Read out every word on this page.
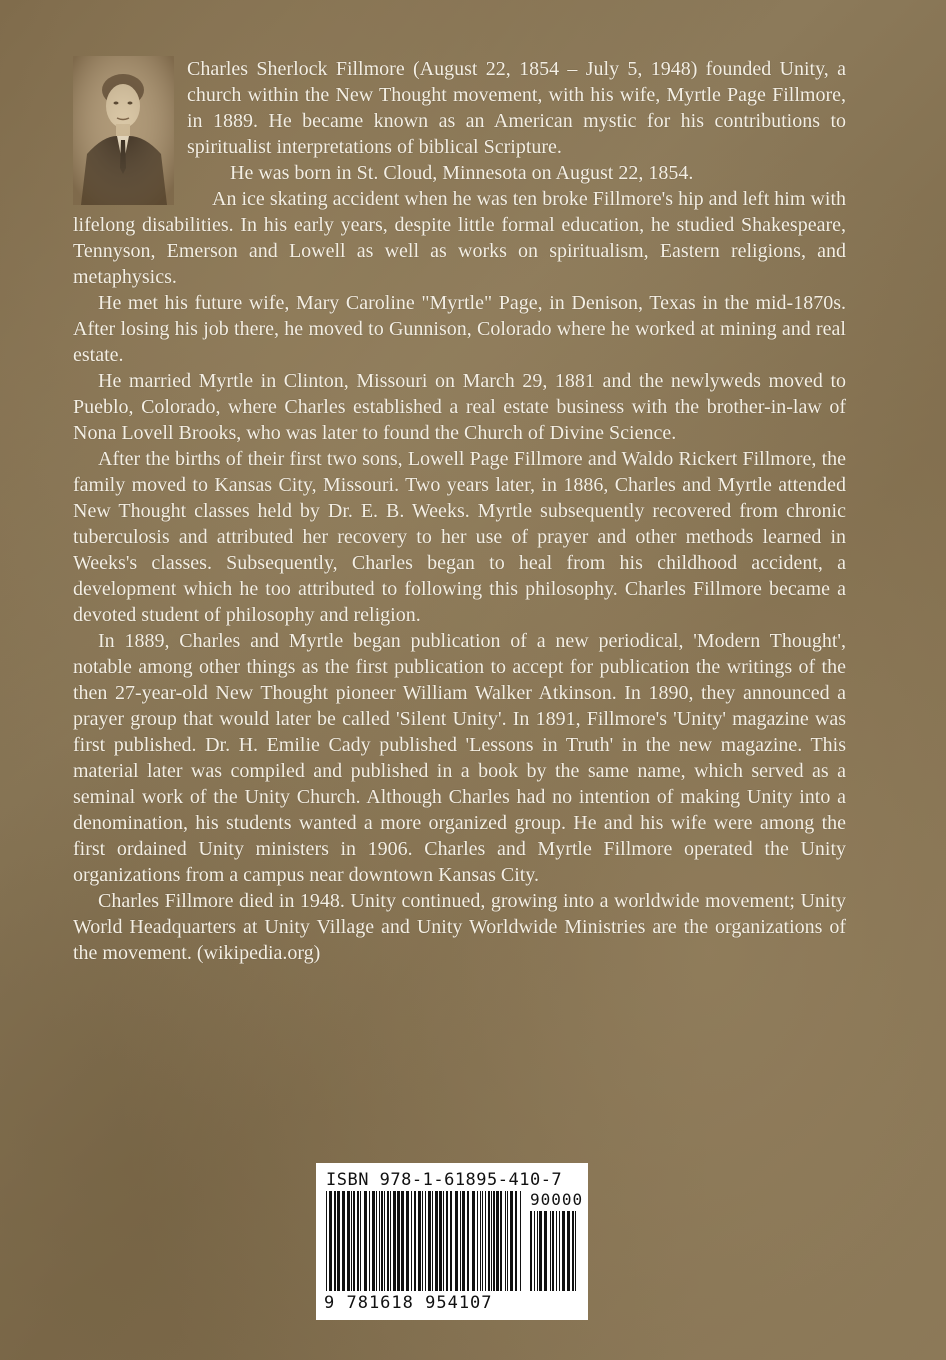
Charles Sherlock Fillmore (August 22, 1854 – July 5, 1948) founded Unity, a church within the New Thought movement, with his wife, Myrtle Page Fillmore, in 1889. He became known as an American mystic for his contributions to spiritualist interpretations of biblical Scripture.

He was born in St. Cloud, Minnesota on August 22, 1854.

An ice skating accident when he was ten broke Fillmore's hip and left him with lifelong disabilities. In his early years, despite little formal education, he studied Shakespeare, Tennyson, Emerson and Lowell as well as works on spiritualism, Eastern religions, and metaphysics.

He met his future wife, Mary Caroline "Myrtle" Page, in Denison, Texas in the mid-1870s. After losing his job there, he moved to Gunnison, Colorado where he worked at mining and real estate.

He married Myrtle in Clinton, Missouri on March 29, 1881 and the newlyweds moved to Pueblo, Colorado, where Charles established a real estate business with the brother-in-law of Nona Lovell Brooks, who was later to found the Church of Divine Science.

After the births of their first two sons, Lowell Page Fillmore and Waldo Rickert Fillmore, the family moved to Kansas City, Missouri. Two years later, in 1886, Charles and Myrtle attended New Thought classes held by Dr. E. B. Weeks. Myrtle subsequently recovered from chronic tuberculosis and attributed her recovery to her use of prayer and other methods learned in Weeks's classes. Subsequently, Charles began to heal from his childhood accident, a development which he too attributed to following this philosophy. Charles Fillmore became a devoted student of philosophy and religion.

In 1889, Charles and Myrtle began publication of a new periodical, 'Modern Thought', notable among other things as the first publication to accept for publication the writings of the then 27-year-old New Thought pioneer William Walker Atkinson. In 1890, they announced a prayer group that would later be called 'Silent Unity'. In 1891, Fillmore's 'Unity' magazine was first published. Dr. H. Emilie Cady published 'Lessons in Truth' in the new magazine. This material later was compiled and published in a book by the same name, which served as a seminal work of the Unity Church. Although Charles had no intention of making Unity into a denomination, his students wanted a more organized group. He and his wife were among the first ordained Unity ministers in 1906. Charles and Myrtle Fillmore operated the Unity organizations from a campus near downtown Kansas City.

Charles Fillmore died in 1948. Unity continued, growing into a worldwide movement; Unity World Headquarters at Unity Village and Unity Worldwide Ministries are the organizations of the movement. (wikipedia.org)

ISBN 978-1-61895-410-7
90000
9 781618 954107
